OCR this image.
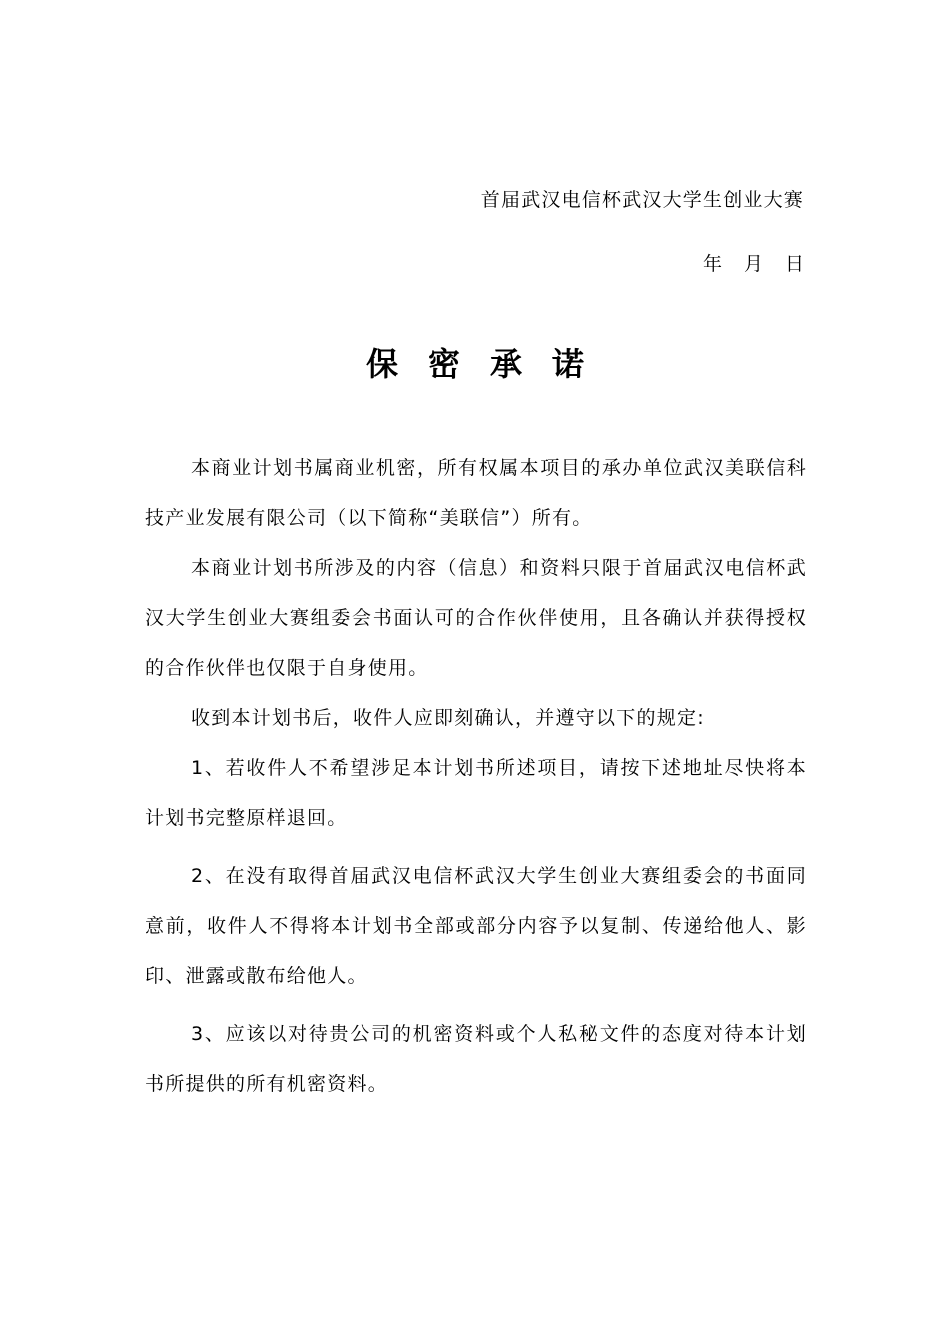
首届武汉电信杯武汉大学生创业大赛
年 月 日
保密承诺

本商业计划书属商业机密，所有权属本项目的承办单位武汉美联信科技产业发展有限公司（以下简称“美联信”）所有。

本商业计划书所涉及的内容（信息）和资料只限于首届武汉电信杯武汉大学生创业大赛组委会书面认可的合作伙伴使用，且各确认并获得授权的合作伙伴也仅限于自身使用。

收到本计划书后，收件人应即刻确认，并遵守以下的规定:

1、若收件人不希望涉足本计划书所述项目，请按下述地址尽快将本计划书完整原样退回。

2、在没有取得首届武汉电信杯武汉大学生创业大赛组委会的书面同意前，收件人不得将本计划书全部或部分内容予以复制、传递给他人、影印、泄露或散布给他人。

3、应该以对待贵公司的机密资料或个人私秘文件的态度对待本计划书所提供的所有机密资料。
